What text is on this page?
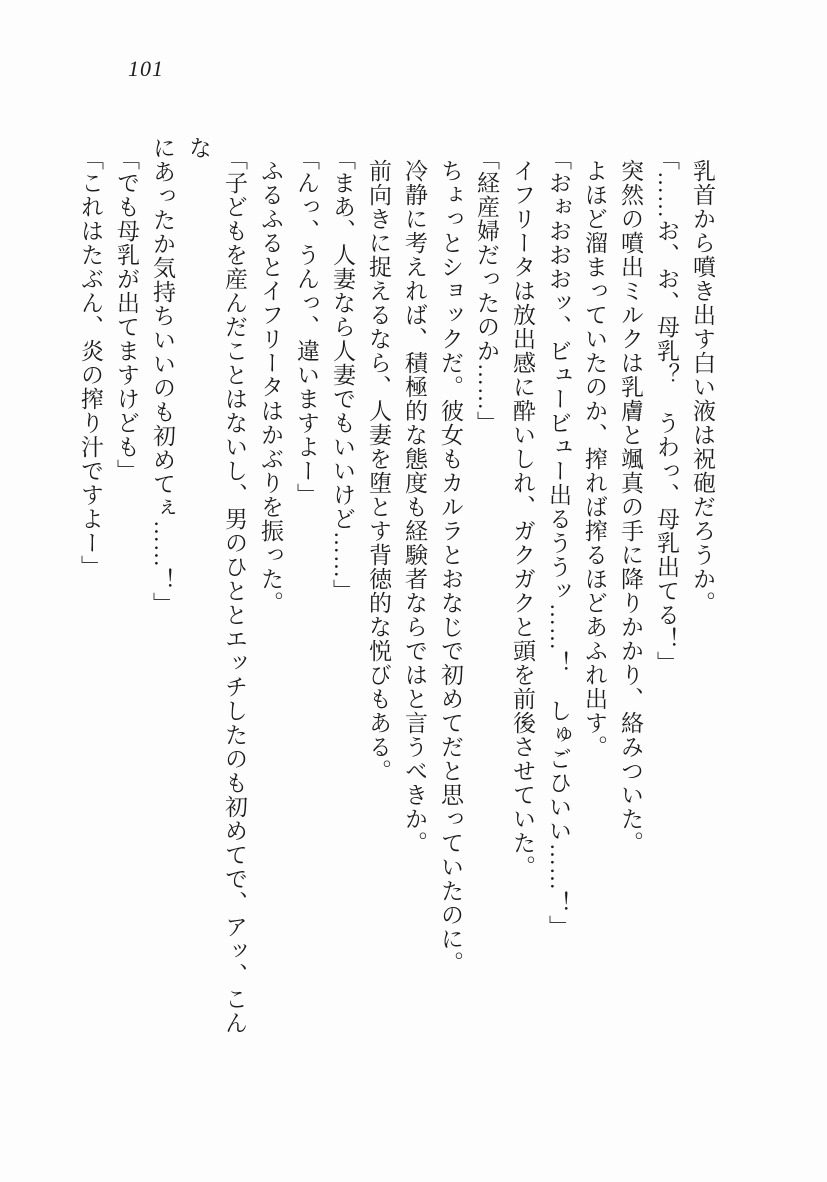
101

乳首から噴き出す白い液は祝砲だろうか。

「……お、お、母乳？　うわっ、母乳出てる！」

突然の噴出ミルクは乳膚と颯真の手に降りかかり、絡みついた。

よほど溜まっていたのか、搾れば搾るほどあふれ出す。

「おぉおおおッ、ビュービュー出るううッ……！　しゅごひいい……！」

イフリータは放出感に酔いしれ、ガクガクと頭を前後させていた。

「経産婦だったのか……」

ちょっとショックだ。彼女もカルラとおなじで初めてだと思っていたのに。

冷静に考えれば、積極的な態度も経験者ならではと言うべきか。

前向きに捉えるなら、人妻を堕とす背徳的な悦びもある。

「まあ、人妻なら人妻でもいいけど……」

「んっ、うんっ、違いますよー」

ふるふるとイフリータはかぶりを振った。

「子どもを産んだことはないし、男のひととエッチしたのも初めてで、アッ、こんな

にあったか気持ちいいのも初めてぇ……！」

「でも母乳が出てますけども」

「これはたぶん、炎の搾り汁ですよー」
